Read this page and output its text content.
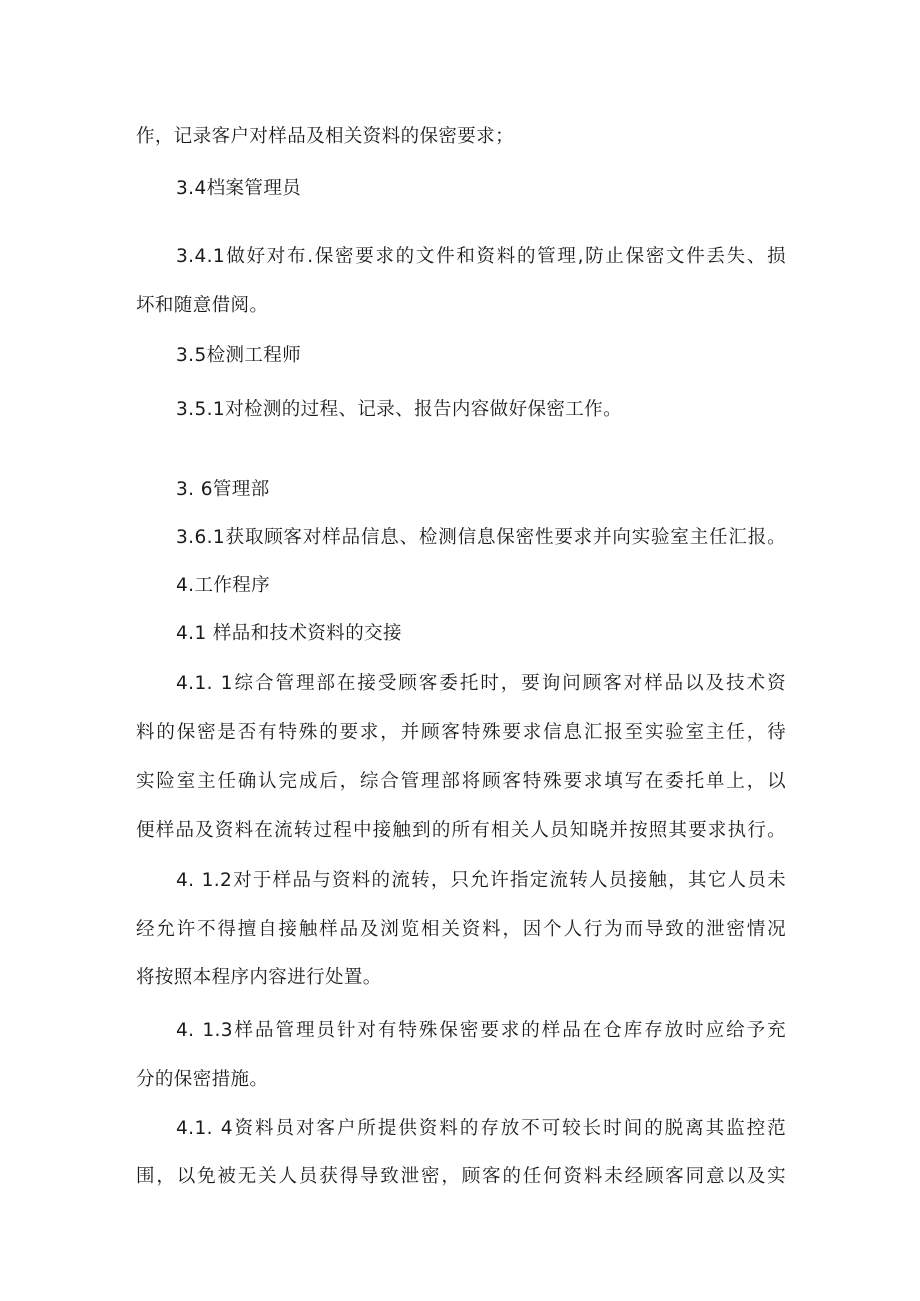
作，记录客户对样品及相关资料的保密要求；
3.4档案管理员
3.4.1做好对布.保密要求的文件和资料的管理,防止保密文件丢失、损
坏和随意借阅。
3.5检测工程师
3.5.1对检测的过程、记录、报告内容做好保密工作。
3. 6管理部
3.6.1获取顾客对样品信息、检测信息保密性要求并向实验室主任汇报。
4.工作程序
4.1 样品和技术资料的交接
4.1. 1综合管理部在接受顾客委托时，要询问顾客对样品以及技术资
料的保密是否有特殊的要求，并顾客特殊要求信息汇报至实验室主任，待
实险室主任确认完成后，综合管理部将顾客特殊要求填写在委托单上，以
便样品及资料在流转过程中接触到的所有相关人员知晓并按照其要求执行。
4. 1.2对于样品与资料的流转，只允许指定流转人员接触，其它人员未
经允许不得擅自接触样品及浏览相关资料，因个人行为而导致的泄密情况
将按照本程序内容进行处置。
4. 1.3样品管理员针对有特殊保密要求的样品在仓库存放时应给予充
分的保密措施。
4.1. 4资料员对客户所提供资料的存放不可较长时间的脱离其监控范
围，以免被无关人员获得导致泄密，顾客的任何资料未经顾客同意以及实
